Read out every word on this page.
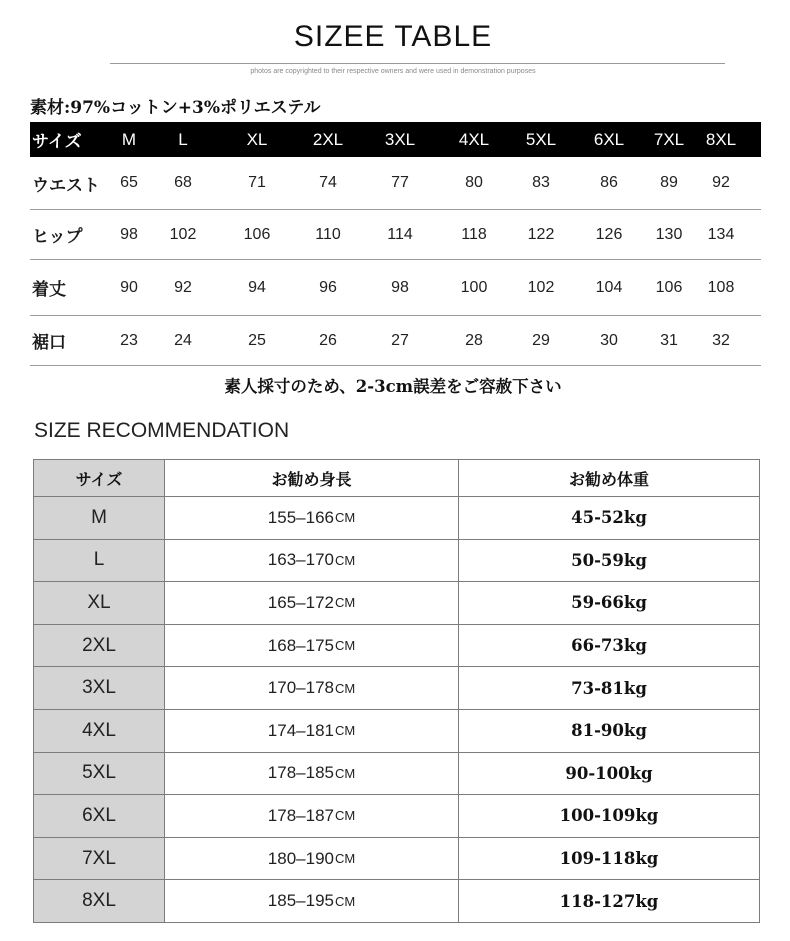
SIZEE TABLE
photos are copyrighted to their respective owners and were used in demonstration purposes
素材:97%コットン+3%ポリエステル
サイズ	M	L	XL	2XL	3XL	4XL	5XL	6XL	7XL	8XL
ウエスト	65	68	71	74	77	80	83	86	89	92
ヒップ	98	102	106	110	114	118	122	126	130	134
着丈	90	92	94	96	98	100	102	104	106	108
裾口	23	24	25	26	27	28	29	30	31	32
素人採寸のため、2-3cm誤差をご容赦下さい
SIZE RECOMMENDATION
サイズ	お勧め身長	お勧め体重
M	155–166 CM	45-52kg
L	163–170 CM	50-59kg
XL	165–172 CM	59-66kg
2XL	168–175 CM	66-73kg
3XL	170–178 CM	73-81kg
4XL	174–181 CM	81-90kg
5XL	178–185 CM	90-100kg
6XL	178–187 CM	100-109kg
7XL	180–190 CM	109-118kg
8XL	185–195 CM	118-127kg
